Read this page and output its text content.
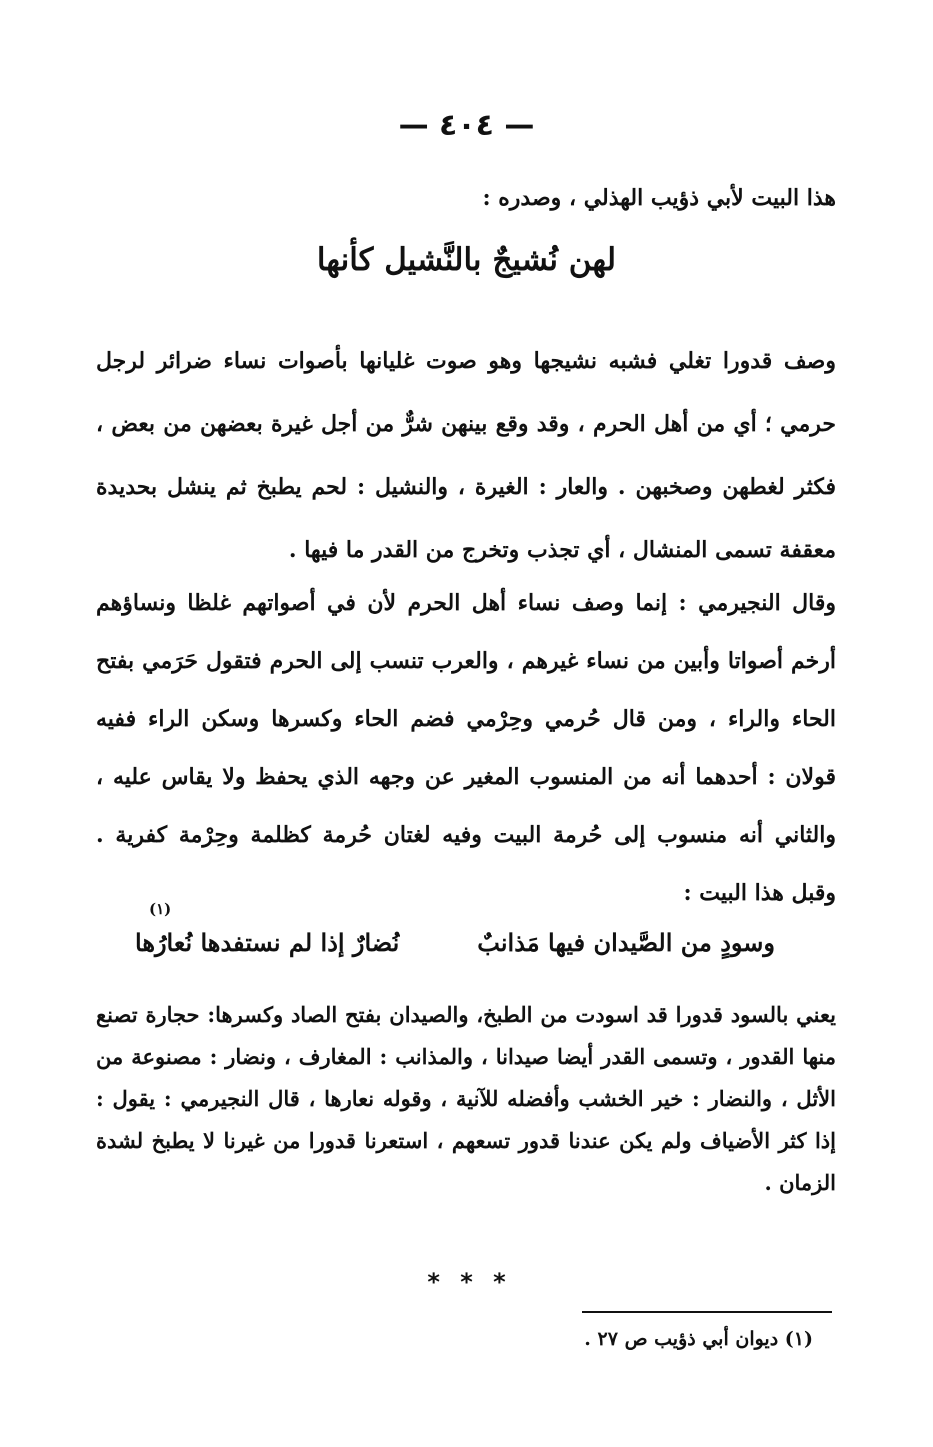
— ٤٠٤ —
هذا البيت لأبي ذؤيب الهذلي ، وصدره :
لهن نُشيجٌ بالنَّشيل كأنها
وصف قدورا تغلي فشبه نشيجها وهو صوت غليانها بأصوات نساء ضرائر لرجل حرمي ؛ أي من أهل الحرم ، وقد وقع بينهن شرٌّ من أجل غيرة بعضهن من بعض ، فكثر لغطهن وصخبهن . والعار : الغيرة ، والنشيل : لحم يطبخ ثم ينشل بحديدة معقفة تسمى المنشال ، أي تجذب وتخرج من القدر ما فيها .
وقال النجيرمي : إنما وصف نساء أهل الحرم لأن في أصواتهم غلظا ونساؤهم أرخم أصواتا وأبين من نساء غيرهم ، والعرب تنسب إلى الحرم فتقول حَرَمي بفتح الحاء والراء ، ومن قال حُرمي وحِرْمي فضم الحاء وكسرها وسكن الراء ففيه قولان : أحدهما أنه من المنسوب المغير عن وجهه الذي يحفظ ولا يقاس عليه ، والثاني أنه منسوب إلى حُرمة البيت وفيه لغتان حُرمة كظلمة وحِرْمة كفرية . وقبل هذا البيت :
(١)
وسودٍ من الصَّيدان فيها مَذانبٌ
نُضارٌ إذا لم نستفدها نُعارُها
يعني بالسود قدورا قد اسودت من الطبخ، والصيدان بفتح الصاد وكسرها: حجارة تصنع منها القدور ، وتسمى القدر أيضا صيدانا ، والمذانب : المغارف ، ونضار : مصنوعة من الأثل ، والنضار : خير الخشب وأفضله للآنية ، وقوله نعارها ، قال النجيرمي : يقول : إذا كثر الأضياف ولم يكن عندنا قدور تسعهم ، استعرنا قدورا من غيرنا لا يطبخ لشدة الزمان .
* * *
(١) ديوان أبي ذؤيب ص ٢٧ .
